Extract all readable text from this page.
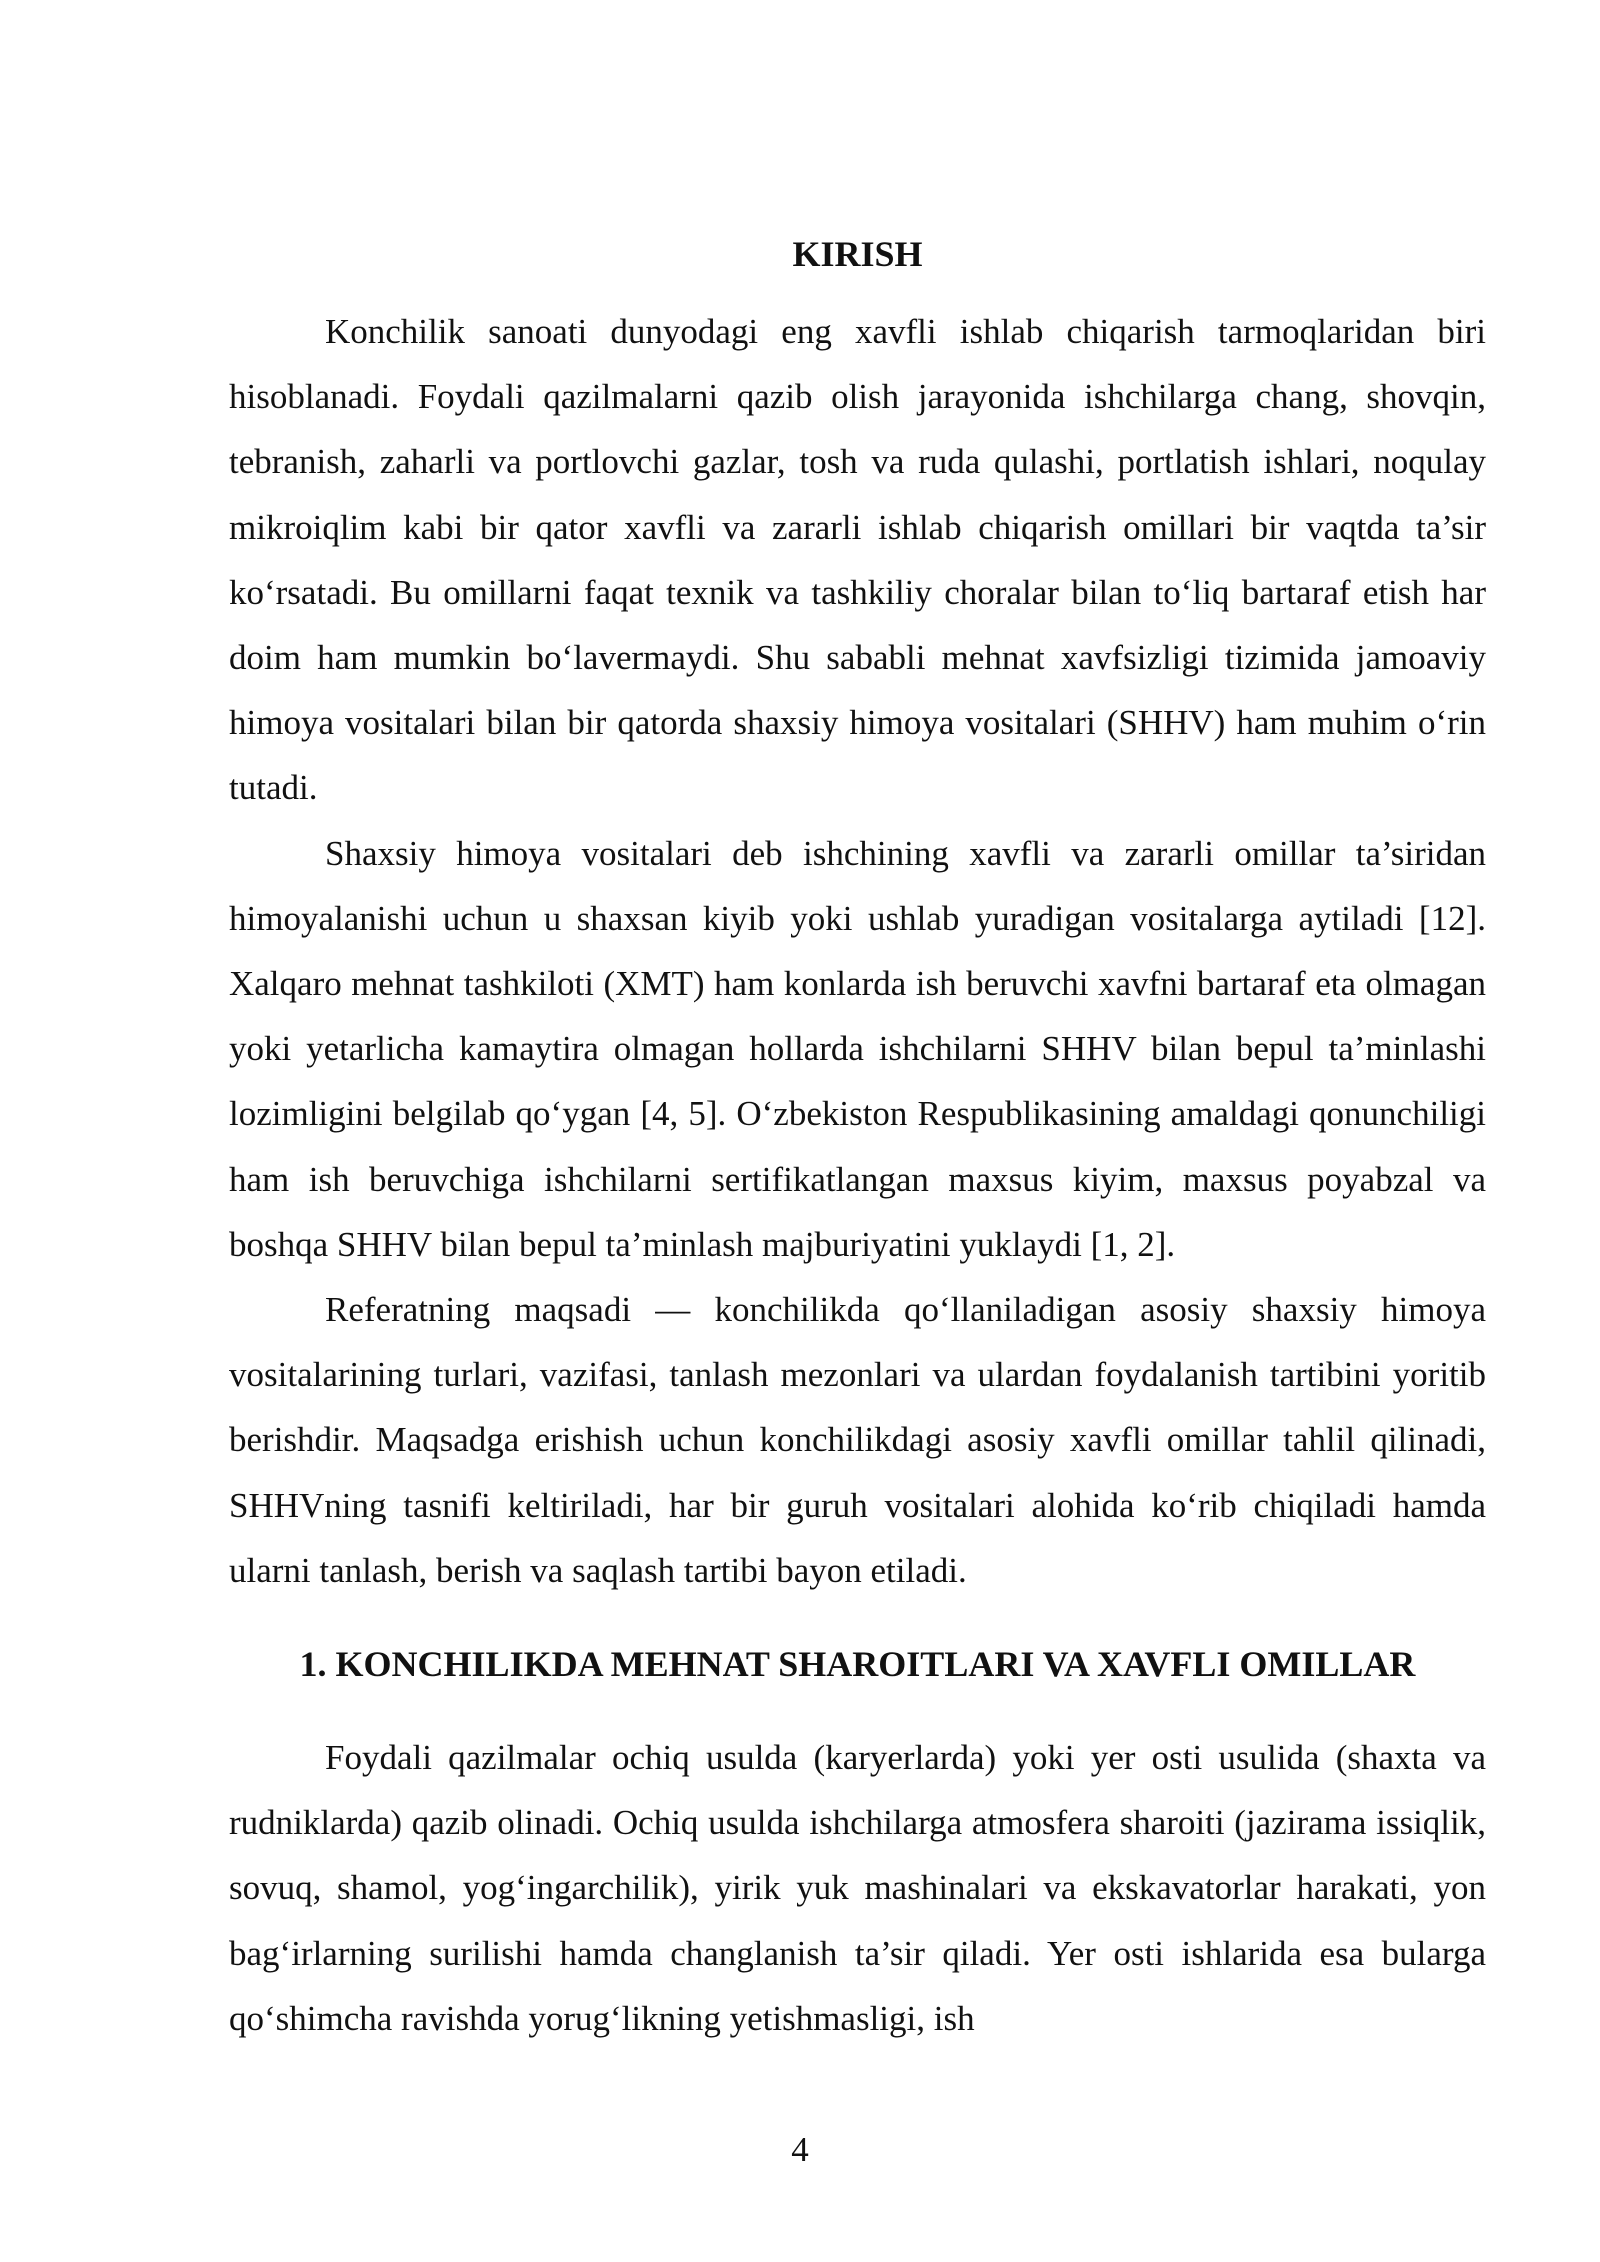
KIRISH

Konchilik sanoati dunyodagi eng xavfli ishlab chiqarish tarmoqlaridan biri hisoblanadi. Foydali qazilmalarni qazib olish jarayonida ishchilarga chang, shovqin, tebranish, zaharli va portlovchi gazlar, tosh va ruda qulashi, portlatish ishlari, noqulay mikroiqlim kabi bir qator xavfli va zararli ishlab chiqarish omillari bir vaqtda ta’sir ko‘rsatadi. Bu omillarni faqat texnik va tashkiliy choralar bilan to‘liq bartaraf etish har doim ham mumkin bo‘lavermaydi. Shu sababli mehnat xavfsizligi tizimida jamoaviy himoya vositalari bilan bir qatorda shaxsiy himoya vositalari (SHHV) ham muhim o‘rin tutadi.

Shaxsiy himoya vositalari deb ishchining xavfli va zararli omillar ta’siridan himoyalanishi uchun u shaxsan kiyib yoki ushlab yuradigan vositalarga aytiladi [12]. Xalqaro mehnat tashkiloti (XMT) ham konlarda ish beruvchi xavfni bartaraf eta olmagan yoki yetarlicha kamaytira olmagan hollarda ishchilarni SHHV bilan bepul ta’minlashi lozimligini belgilab qo‘ygan [4, 5]. O‘zbekiston Respublikasining amaldagi qonunchiligi ham ish beruvchiga ishchilarni sertifikatlangan maxsus kiyim, maxsus poyabzal va boshqa SHHV bilan bepul ta’minlash majburiyatini yuklaydi [1, 2].

Referatning maqsadi — konchilikda qo‘llaniladigan asosiy shaxsiy himoya vositalarining turlari, vazifasi, tanlash mezonlari va ulardan foydalanish tartibini yoritib berishdir. Maqsadga erishish uchun konchilikdagi asosiy xavfli omillar tahlil qilinadi, SHHVning tasnifi keltiriladi, har bir guruh vositalari alohida ko‘rib chiqiladi hamda ularni tanlash, berish va saqlash tartibi bayon etiladi.

1. KONCHILIKDA MEHNAT SHAROITLARI VA XAVFLI OMILLAR

Foydali qazilmalar ochiq usulda (karyerlarda) yoki yer osti usulida (shaxta va rudniklarda) qazib olinadi. Ochiq usulda ishchilarga atmosfera sharoiti (jazirama issiqlik, sovuq, shamol, yog‘ingarchilik), yirik yuk mashinalari va ekskavatorlar harakati, yon bag‘irlarning surilishi hamda changlanish ta’sir qiladi. Yer osti ishlarida esa bularga qo‘shimcha ravishda yorug‘likning yetishmasligi, ish

4
